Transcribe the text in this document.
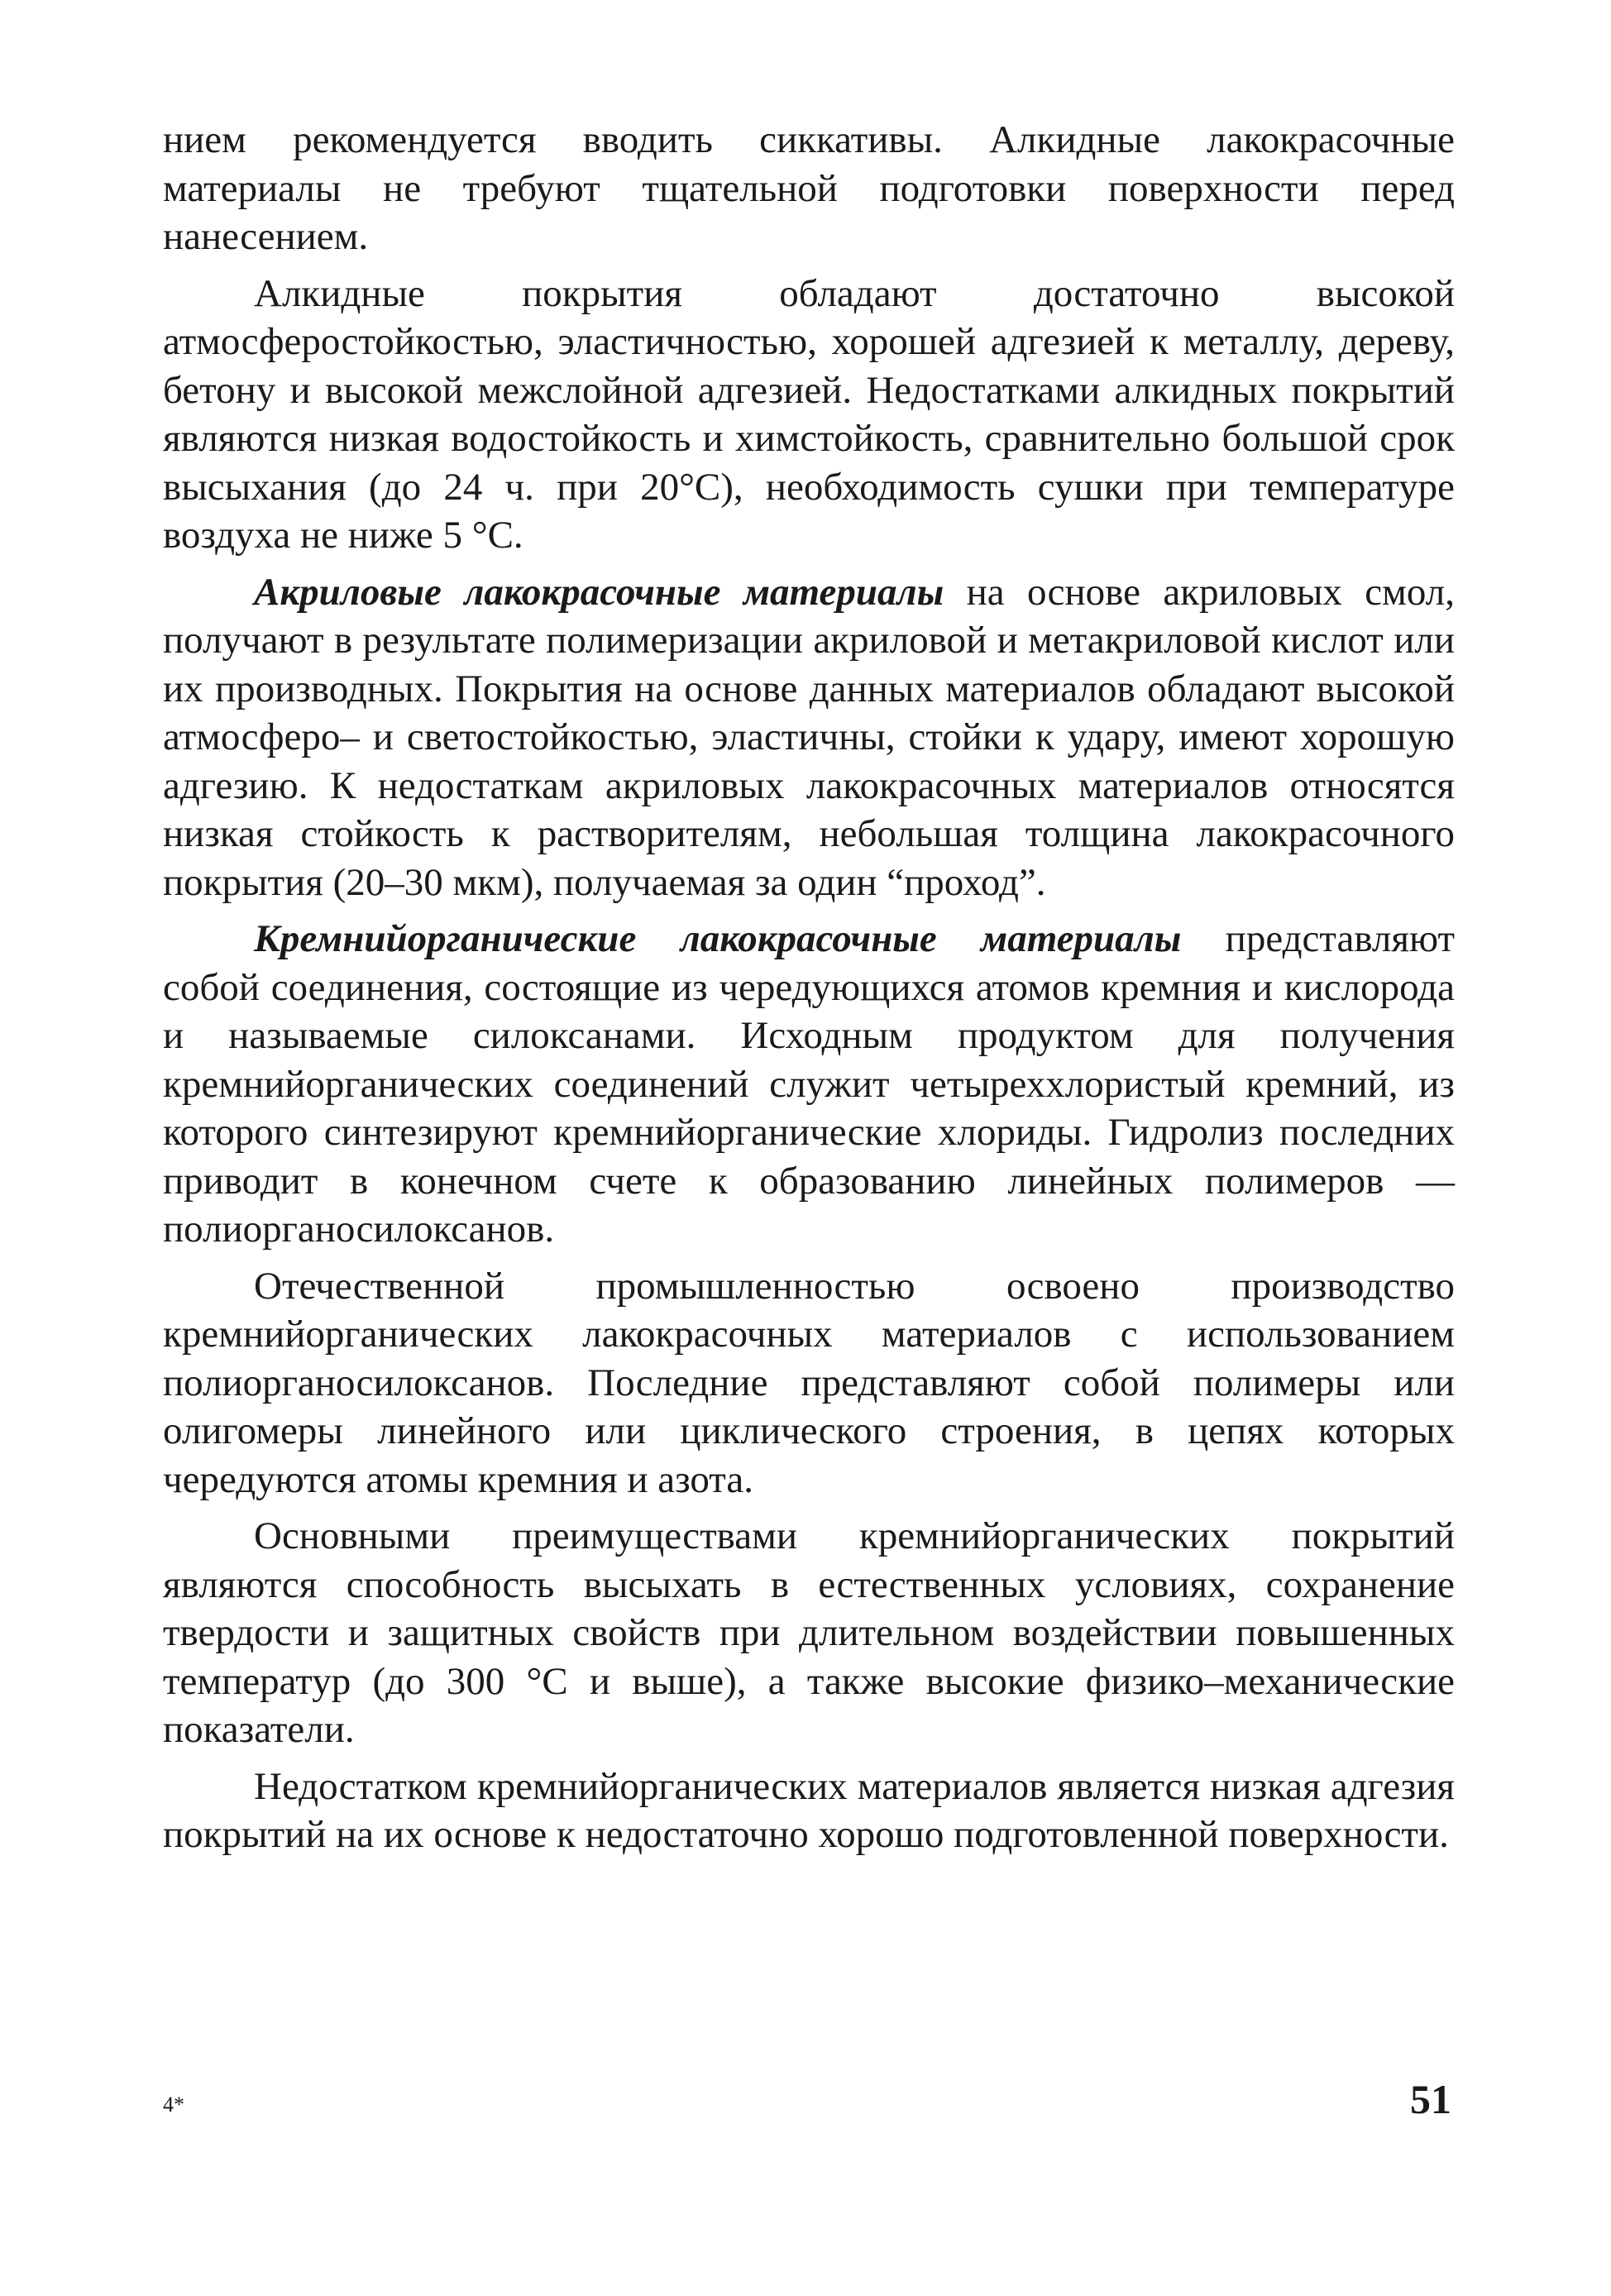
нием рекомендуется вводить сиккативы. Алкидные лакокрасочные материалы не требуют тщательной подготовки поверхности перед нанесением.

Алкидные покрытия обладают достаточно высокой атмосферостойкостью, эластичностью, хорошей адгезией к металлу, дереву, бетону и высокой межслойной адгезией. Недостатками алкидных покрытий являются низкая водостойкость и химстойкость, сравнительно большой срок высыхания (до 24 ч. при 20°С), необходимость сушки при температуре воздуха не ниже 5 °С.

Акриловые лакокрасочные материалы на основе акриловых смол, получают в результате полимеризации акриловой и метакриловой кислот или их производных. Покрытия на основе данных материалов обладают высокой атмосферо– и светостойкостью, эластичны, стойки к удару, имеют хорошую адгезию. К недостаткам акриловых лакокрасочных материалов относятся низкая стойкость к растворителям, небольшая толщина лакокрасочного покрытия (20–30 мкм), получаемая за один “проход”.

Кремнийорганические лакокрасочные материалы представляют собой соединения, состоящие из чередующихся атомов кремния и кислорода и называемые силоксанами. Исходным продуктом для получения кремнийорганических соединений служит четыреххлористый кремний, из которого синтезируют кремнийорганические хлориды. Гидролиз последних приводит в конечном счете к образованию линейных полимеров — полиорганосилоксанов.

Отечественной промышленностью освоено производство кремнийорганических лакокрасочных материалов с использованием полиорганосилоксанов. Последние представляют собой полимеры или олигомеры линейного или циклического строения, в цепях которых чередуются атомы кремния и азота.

Основными преимуществами кремнийорганических покрытий являются способность высыхать в естественных условиях, сохранение твердости и защитных свойств при длительном воздействии повышенных температур (до 300 °С и выше), а также высокие физико–механические показатели.

Недостатком кремнийорганических материалов является низкая адгезия покрытий на их основе к недостаточно хорошо подготовленной поверхности.

4*	51
